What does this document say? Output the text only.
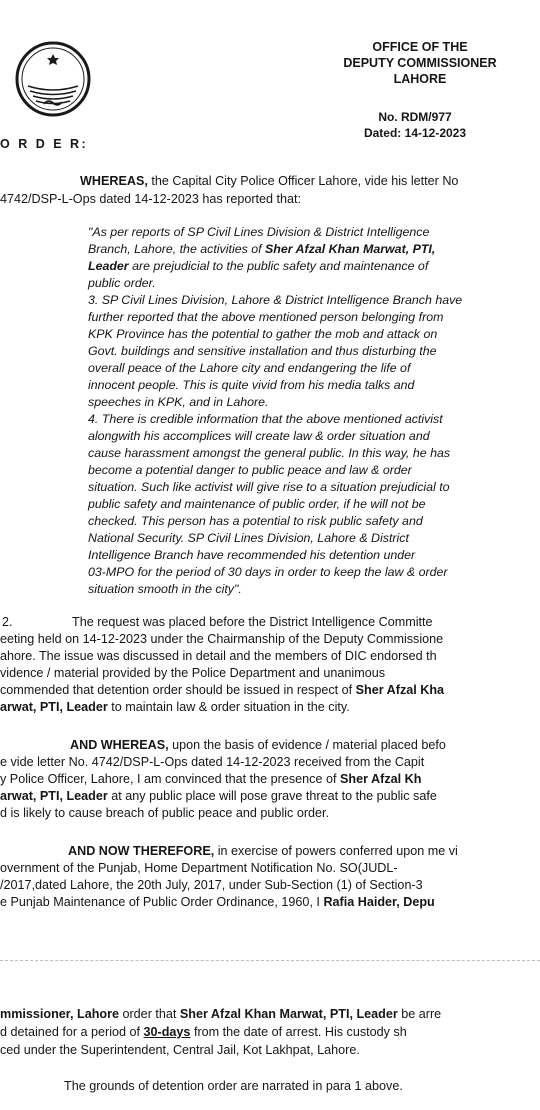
OFFICE OF THE
DEPUTY COMMISSIONER
LAHORE
No. RDM/977
Dated: 14-12-2023
O R D E R:
WHEREAS, the Capital City Police Officer Lahore, vide his letter No
4742/DSP-L-Ops dated 14-12-2023 has reported that:
"As per reports of SP Civil Lines Division & District Intelligence
Branch, Lahore, the activities of Sher Afzal Khan Marwat, PTI,
Leader are prejudicial to the public safety and maintenance of
public order.
3. SP Civil Lines Division, Lahore & District Intelligence Branch have
further reported that the above mentioned person belonging from
KPK Province has the potential to gather the mob and attack on
Govt. buildings and sensitive installation and thus disturbing the
overall peace of the Lahore city and endangering the life of
innocent people. This is quite vivid from his media talks and
speeches in KPK, and in Lahore.
4. There is credible information that the above mentioned activist
alongwith his accomplices will create law & order situation and
cause harassment amongst the general public. In this way, he has
become a potential danger to public peace and law & order
situation. Such like activist will give rise to a situation prejudicial to
public safety and maintenance of public order, if he will not be
checked. This person has a potential to risk public safety and
National Security. SP Civil Lines Division, Lahore & District
Intelligence Branch have recommended his detention under
03-MPO for the period of 30 days in order to keep the law & order
situation smooth in the city".
2.	The request was placed before the District Intelligence Committe
eeting held on 14-12-2023 under the Chairmanship of the Deputy Commissione
ahore. The issue was discussed in detail and the members of DIC endorsed th
vidence / material provided by the Police Department and unanimous
commended that detention order should be issued in respect of Sher Afzal Kha
arwat, PTI, Leader to maintain law & order situation in the city.
AND WHEREAS, upon the basis of evidence / material placed befo
e vide letter No. 4742/DSP-L-Ops dated 14-12-2023 received from the Capit
y Police Officer, Lahore, I am convinced that the presence of Sher Afzal Kh
arwat, PTI, Leader at any public place will pose grave threat to the public safe
d is likely to cause breach of public peace and public order.
AND NOW THEREFORE, in exercise of powers conferred upon me vi
overnment of the Punjab, Home Department Notification No. SO(JUDL-
/2017,dated Lahore, the 20th July, 2017, under Sub-Section (1) of Section-3
e Punjab Maintenance of Public Order Ordinance, 1960, I Rafia Haider, Depu
mmissioner, Lahore order that Sher Afzal Khan Marwat, PTI, Leader be arre
d detained for a period of 30-days from the date of arrest. His custody sh
ced under the Superintendent, Central Jail, Kot Lakhpat, Lahore.
The grounds of detention order are narrated in para 1 above.
